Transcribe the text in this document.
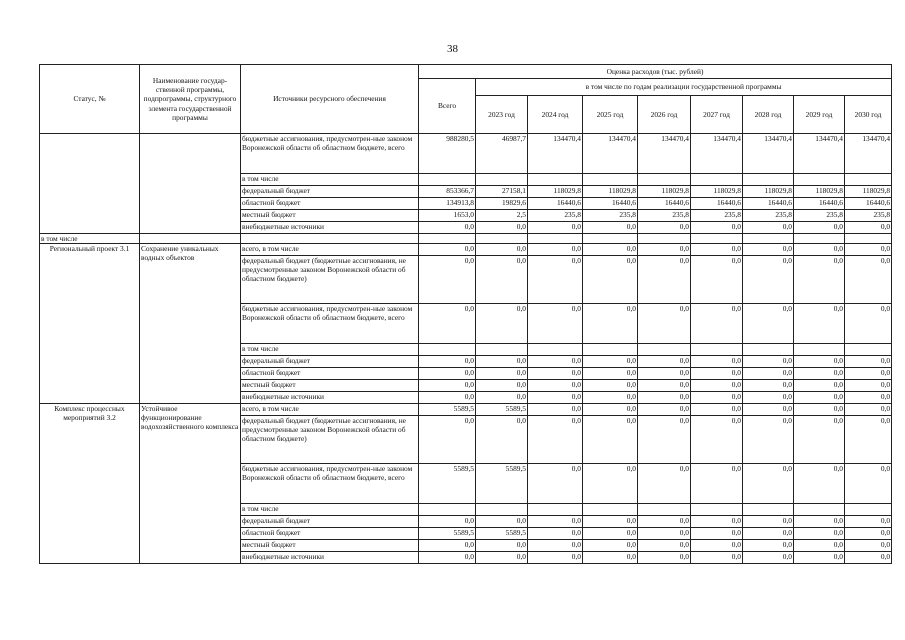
38
Статус, №	Наименование государ-ственной программы, подпрограммы, структурного элемента государственной программы	Источники ресурсного обеспечения	Оценка расходов (тыс. рублей)								
			Всего	в том числе по годам реализации государственной программы							
				2023 год	2024 год	2025 год	2026 год	2027 год	2028 год	2029 год	2030 год
		бюджетные ассигнования, предусмотрен-ные законом Воронежской области об областном бюджете, всего	988280,5	46987,7	134470,4	134470,4	134470,4	134470,4	134470,4	134470,4	134470,4
		в том числе									
		федеральный бюджет	853366,7	27158,1	118029,8	118029,8	118029,8	118029,8	118029,8	118029,8	118029,8
		областной бюджет	134913,8	19829,6	16440,6	16440,6	16440,6	16440,6	16440,6	16440,6	16440,6
		местный бюджет	1653,0	2,5	235,8	235,8	235,8	235,8	235,8	235,8	235,8
		внебюджетные источники	0,0	0,0	0,0	0,0	0,0	0,0	0,0	0,0	0,0
в том числе											
Региональный проект 3.1	Сохранение уникальных водных объектов	всего, в том числе	0,0	0,0	0,0	0,0	0,0	0,0	0,0	0,0	0,0
		федеральный бюджет (бюджетные ассигнования, не предусмотренные законом Воронежской области об областном бюджете)	0,0	0,0	0,0	0,0	0,0	0,0	0,0	0,0	0,0
		бюджетные ассигнования, предусмотрен-ные законом Воронежской области об областном бюджете, всего	0,0	0,0	0,0	0,0	0,0	0,0	0,0	0,0	0,0
		в том числе									
		федеральный бюджет	0,0	0,0	0,0	0,0	0,0	0,0	0,0	0,0	0,0
		областной бюджет	0,0	0,0	0,0	0,0	0,0	0,0	0,0	0,0	0,0
		местный бюджет	0,0	0,0	0,0	0,0	0,0	0,0	0,0	0,0	0,0
		внебюджетные источники	0,0	0,0	0,0	0,0	0,0	0,0	0,0	0,0	0,0
Комплекс процессных мероприятий 3.2	Устойчивое функционирование водохозяйственного комплекса	всего, в том числе	5589,5	5589,5	0,0	0,0	0,0	0,0	0,0	0,0	0,0
		федеральный бюджет (бюджетные ассигнования, не предусмотренные законом Воронежской области об областном бюджете)	0,0	0,0	0,0	0,0	0,0	0,0	0,0	0,0	0,0
		бюджетные ассигнования, предусмотрен-ные законом Воронежской области об областном бюджете, всего	5589,5	5589,5	0,0	0,0	0,0	0,0	0,0	0,0	0,0
		в том числе									
		федеральный бюджет	0,0	0,0	0,0	0,0	0,0	0,0	0,0	0,0	0,0
		областной бюджет	5589,5	5589,5	0,0	0,0	0,0	0,0	0,0	0,0	0,0
		местный бюджет	0,0	0,0	0,0	0,0	0,0	0,0	0,0	0,0	0,0
		внебюджетные источники	0,0	0,0	0,0	0,0	0,0	0,0	0,0	0,0	0,0
